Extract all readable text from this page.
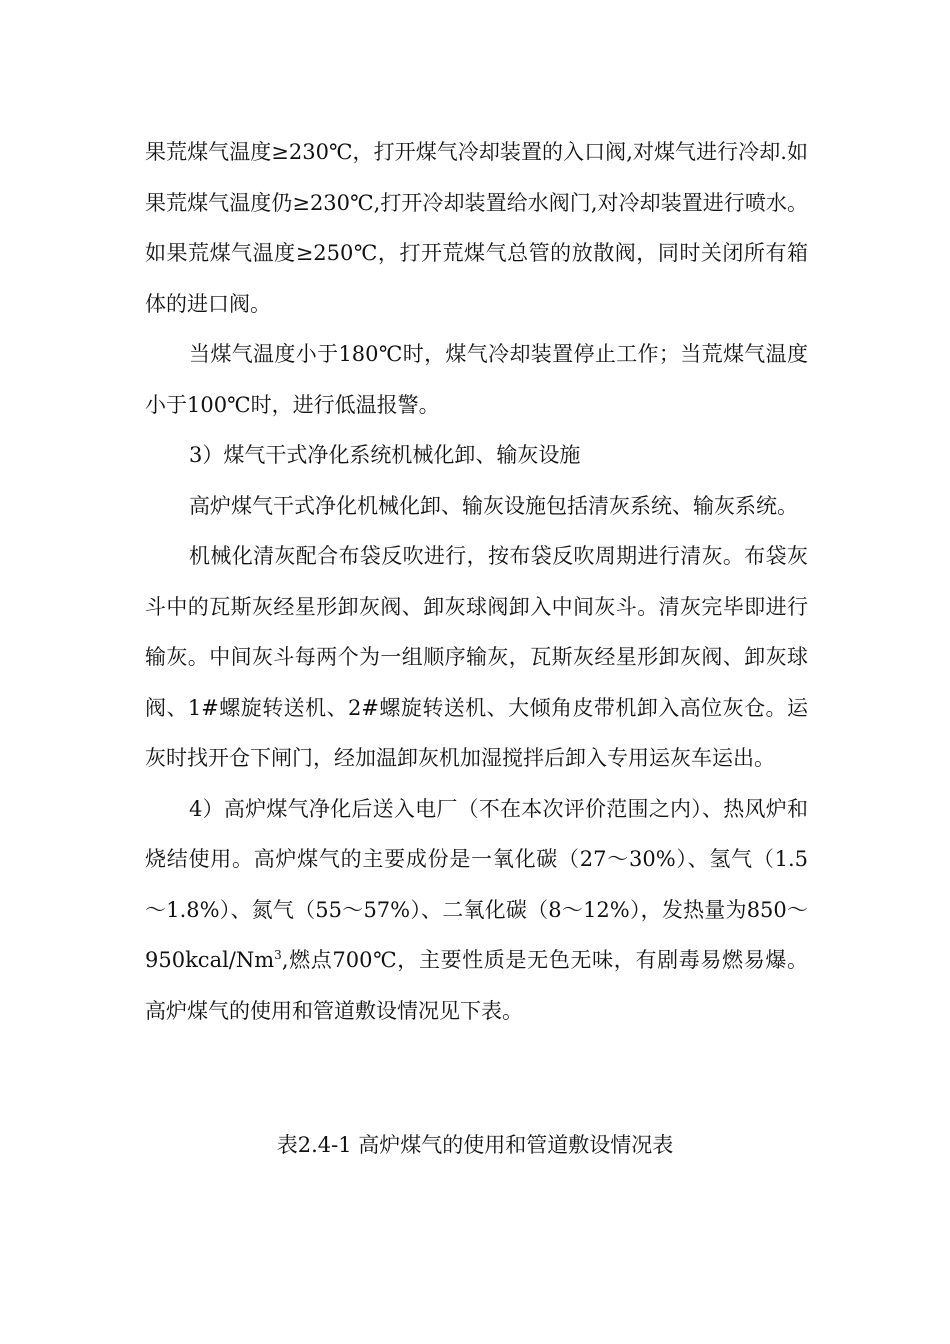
果荒煤气温度≥230℃，打开煤气冷却装置的入口阀,对煤气进行冷却.如果荒煤气温度仍≥230℃,打开冷却装置给水阀门,对冷却装置进行喷水。如果荒煤气温度≥250℃，打开荒煤气总管的放散阀，同时关闭所有箱体的进口阀。

当煤气温度小于180℃时，煤气冷却装置停止工作；当荒煤气温度小于100℃时，进行低温报警。

3）煤气干式净化系统机械化卸、输灰设施

高炉煤气干式净化机械化卸、输灰设施包括清灰系统、输灰系统。

机械化清灰配合布袋反吹进行，按布袋反吹周期进行清灰。布袋灰斗中的瓦斯灰经星形卸灰阀、卸灰球阀卸入中间灰斗。清灰完毕即进行输灰。中间灰斗每两个为一组顺序输灰，瓦斯灰经星形卸灰阀、卸灰球阀、1#螺旋转送机、2#螺旋转送机、大倾角皮带机卸入高位灰仓。运灰时找开仓下闸门，经加温卸灰机加湿搅拌后卸入专用运灰车运出。

4）高炉煤气净化后送入电厂（不在本次评价范围之内）、热风炉和烧结使用。高炉煤气的主要成份是一氧化碳（27～30%）、氢气（1.5～1.8%）、氮气（55～57%）、二氧化碳（8～12%），发热量为850～950kcal/Nm$^3$,燃点700℃，主要性质是无色无味，有剧毒易燃易爆。高炉煤气的使用和管道敷设情况见下表。

表2.4-1 高炉煤气的使用和管道敷设情况表
